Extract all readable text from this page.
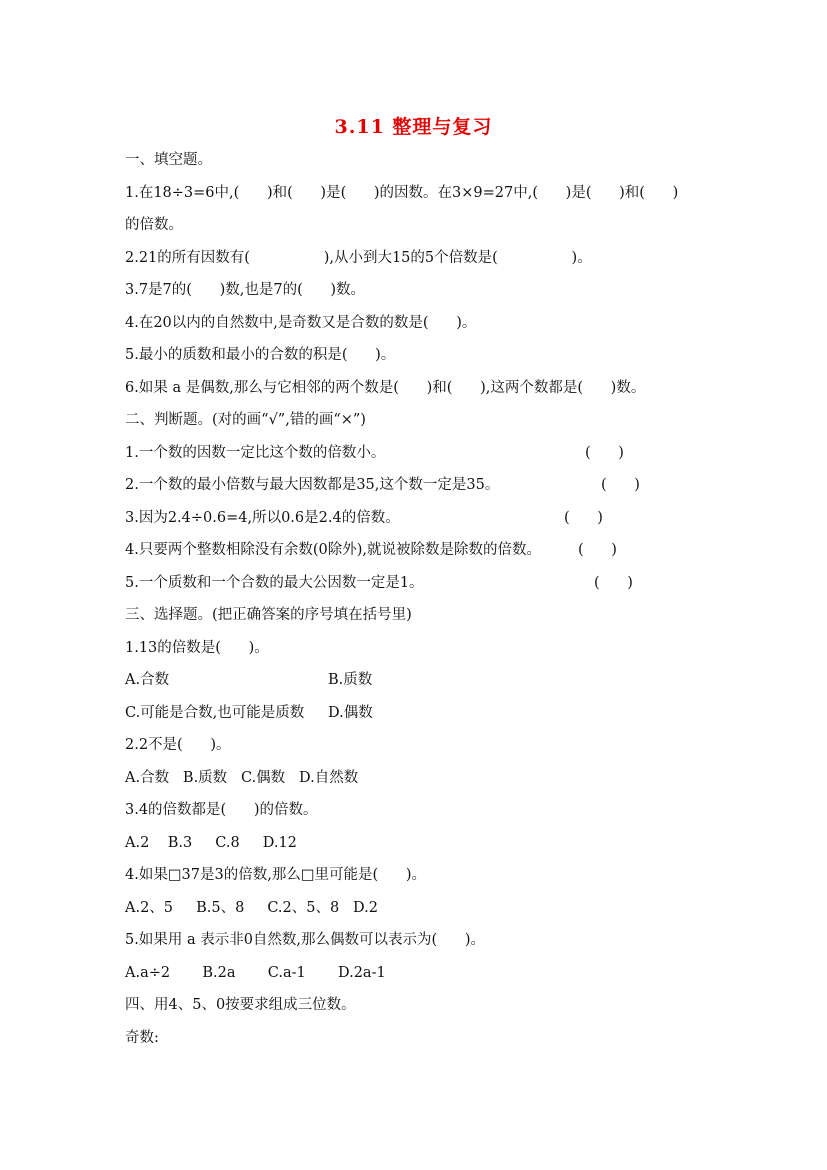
3.11 整理与复习
一、填空题。
1.在18÷3=6中,(      )和(      )是(      )的因数。在3×9=27中,(      )是(      )和(      )
的倍数。
2.21的所有因数有(                ),从小到大15的5个倍数是(                )。
3.7是7的(      )数,也是7的(      )数。
4.在20以内的自然数中,是奇数又是合数的数是(      )。
5.最小的质数和最小的合数的积是(      )。
6.如果 a 是偶数,那么与它相邻的两个数是(      )和(      ),这两个数都是(      )数。
二、判断题。(对的画“√”,错的画“×”)
1.一个数的因数一定比这个数的倍数小。	(      )
2.一个数的最小倍数与最大因数都是35,这个数一定是35。	(      )
3.因为2.4÷0.6=4,所以0.6是2.4的倍数。	(      )
4.只要两个整数相除没有余数(0除外),就说被除数是除数的倍数。	(      )
5.一个质数和一个合数的最大公因数一定是1。	(      )
三、选择题。(把正确答案的序号填在括号里)
1.13的倍数是(      )。
A.合数	B.质数
C.可能是合数,也可能是质数 D.偶数
2.2不是(      )。
A.合数   B.质数   C.偶数   D.自然数
3.4的倍数都是(      )的倍数。
A.2    B.3     C.8     D.12
4.如果□37是3的倍数,那么□里可能是(      )。
A.2、5     B.5、8     C.2、5、8   D.2
5.如果用 a 表示非0自然数,那么偶数可以表示为(      )。
A.a÷2       B.2a       C.a-1       D.2a-1
四、用4、5、0按要求组成三位数。
奇数:
